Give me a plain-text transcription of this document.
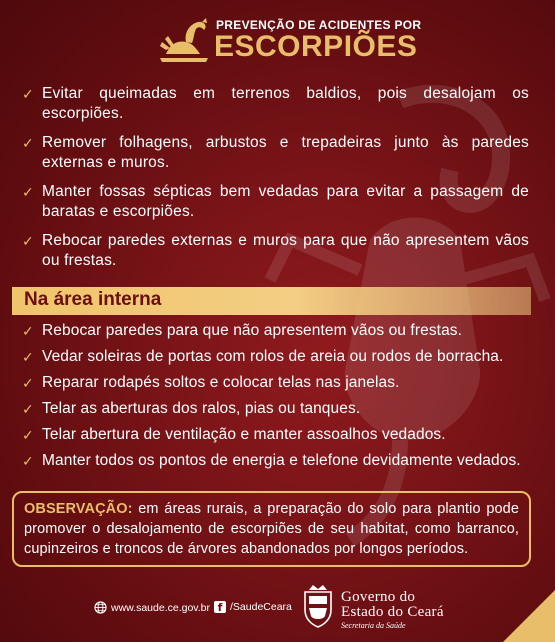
PREVENÇÃO DE ACIDENTES POR
ESCORPIÕES
✓ Evitar queimadas em terrenos baldios, pois desalojam os escorpiões.
✓ Remover folhagens, arbustos e trepadeiras junto às paredes externas e muros.
✓ Manter fossas sépticas bem vedadas para evitar a passagem de baratas e escorpiões.
✓ Rebocar paredes externas e muros para que não apresentem vãos ou frestas.
Na área interna
✓ Rebocar paredes para que não apresentem vãos ou frestas.
✓ Vedar soleiras de portas com rolos de areia ou rodos de borracha.
✓ Reparar rodapés soltos e colocar telas nas janelas.
✓ Telar as aberturas dos ralos, pias ou tanques.
✓ Telar abertura de ventilação e manter assoalhos vedados.
✓ Manter todos os pontos de energia e telefone devidamente vedados.
OBSERVAÇÃO: em áreas rurais, a preparação do solo para plantio pode promover o desalojamento de escorpiões de seu habitat, como barranco, cupinzeiros e troncos de árvores abandonados por longos períodos.
www.saude.ce.gov.br f /SaudeCeara
Governo do
Estado do Ceará
Secretaria da Saúde
